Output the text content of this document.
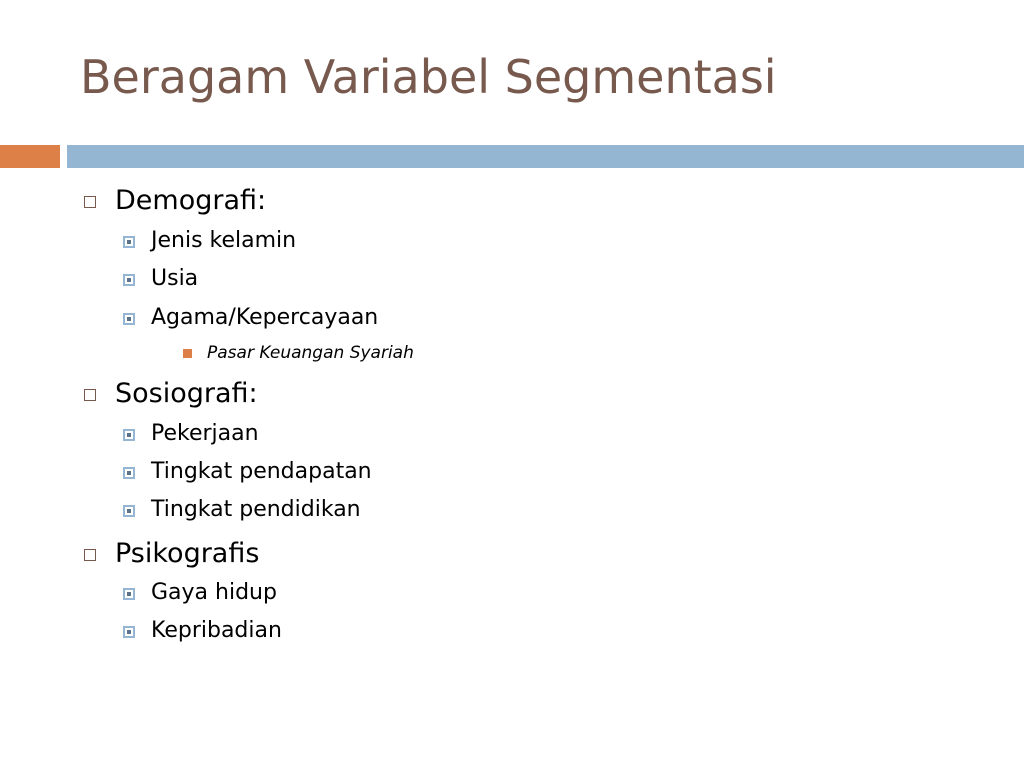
Beragam Variabel Segmentasi
Demografi:
Jenis kelamin
Usia
Agama/Kepercayaan
Pasar Keuangan Syariah
Sosiografi:
Pekerjaan
Tingkat pendapatan
Tingkat pendidikan
Psikografis
Gaya hidup
Kepribadian
